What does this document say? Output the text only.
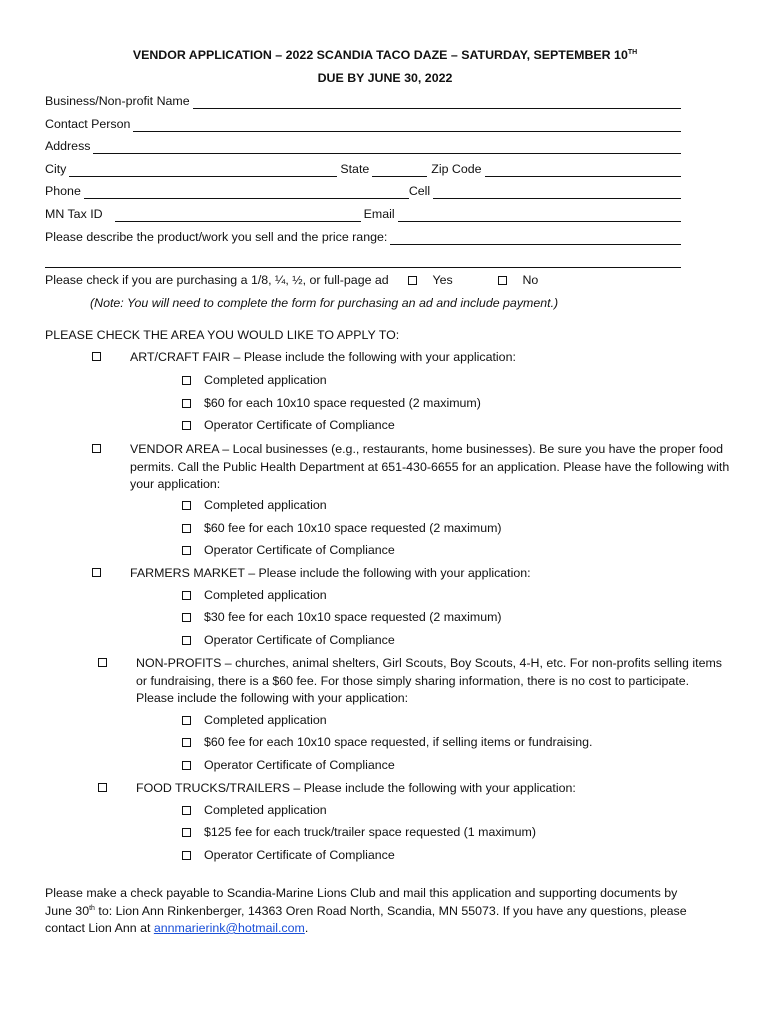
VENDOR APPLICATION – 2022 SCANDIA TACO DAZE – SATURDAY, SEPTEMBER 10TH
DUE BY JUNE 30, 2022
Business/Non-profit Name
Contact Person
Address
City	State	Zip Code
Phone	Cell
MN Tax ID	Email
Please describe the product/work you sell and the price range:
Please check if you are purchasing a 1/8, ¼, ½, or full-page ad	Yes	No
(Note: You will need to complete the form for purchasing an ad and include payment.)
PLEASE CHECK THE AREA YOU WOULD LIKE TO APPLY TO:
ART/CRAFT FAIR – Please include the following with your application:
Completed application
$60 for each 10x10 space requested (2 maximum)
Operator Certificate of Compliance
VENDOR AREA – Local businesses (e.g., restaurants, home businesses). Be sure you have the proper food permits. Call the Public Health Department at 651-430-6655 for an application. Please have the following with your application:
Completed application
$60 fee for each 10x10 space requested (2 maximum)
Operator Certificate of Compliance
FARMERS MARKET – Please include the following with your application:
Completed application
$30 fee for each 10x10 space requested (2 maximum)
Operator Certificate of Compliance
NON-PROFITS – churches, animal shelters, Girl Scouts, Boy Scouts, 4-H, etc. For non-profits selling items or fundraising, there is a $60 fee. For those simply sharing information, there is no cost to participate. Please include the following with your application:
Completed application
$60 fee for each 10x10 space requested, if selling items or fundraising.
Operator Certificate of Compliance
FOOD TRUCKS/TRAILERS – Please include the following with your application:
Completed application
$125 fee for each truck/trailer space requested (1 maximum)
Operator Certificate of Compliance
Please make a check payable to Scandia-Marine Lions Club and mail this application and supporting documents by June 30th to: Lion Ann Rinkenberger, 14363 Oren Road North, Scandia, MN 55073. If you have any questions, please contact Lion Ann at annmarierink@hotmail.com.
